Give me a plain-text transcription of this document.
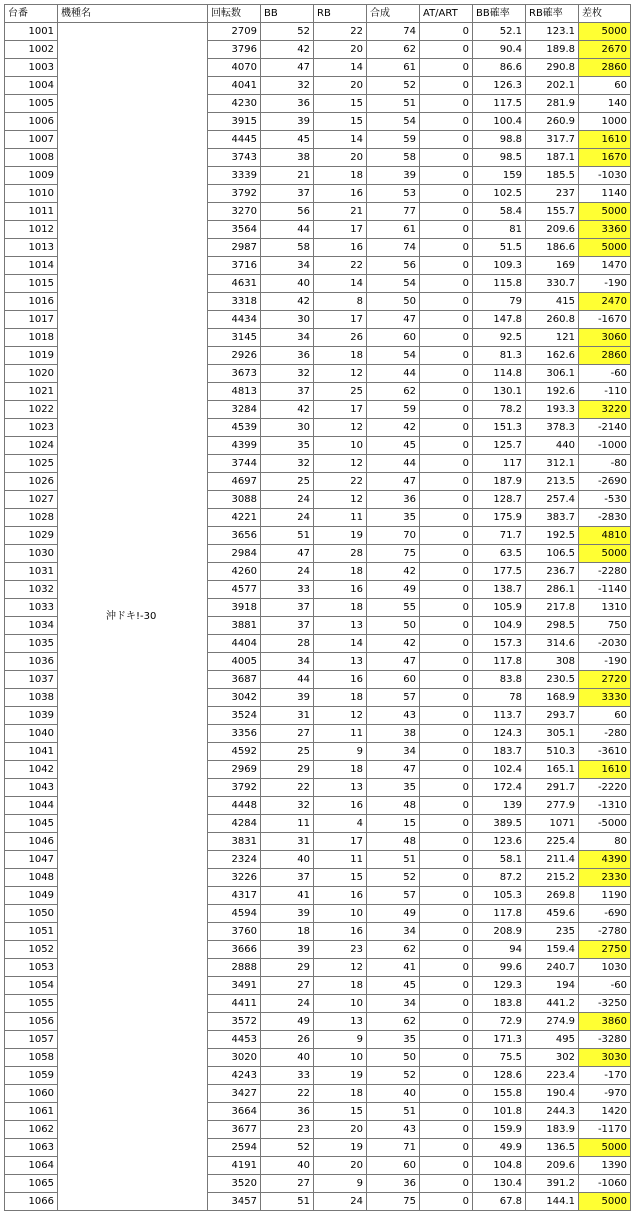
台番	機種名	回転数	BB	RB	合成	AT/ART	BB確率	RB確率	差枚
1001	沖ドキ!-30	2709	52	22	74	0	52.1	123.1	5000
1002		3796	42	20	62	0	90.4	189.8	2670
1003		4070	47	14	61	0	86.6	290.8	2860
1004		4041	32	20	52	0	126.3	202.1	60
1005		4230	36	15	51	0	117.5	281.9	140
1006		3915	39	15	54	0	100.4	260.9	1000
1007		4445	45	14	59	0	98.8	317.7	1610
1008		3743	38	20	58	0	98.5	187.1	1670
1009		3339	21	18	39	0	159	185.5	-1030
1010		3792	37	16	53	0	102.5	237	1140
1011		3270	56	21	77	0	58.4	155.7	5000
1012		3564	44	17	61	0	81	209.6	3360
1013		2987	58	16	74	0	51.5	186.6	5000
1014		3716	34	22	56	0	109.3	169	1470
1015		4631	40	14	54	0	115.8	330.7	-190
1016		3318	42	8	50	0	79	415	2470
1017		4434	30	17	47	0	147.8	260.8	-1670
1018		3145	34	26	60	0	92.5	121	3060
1019		2926	36	18	54	0	81.3	162.6	2860
1020		3673	32	12	44	0	114.8	306.1	-60
1021		4813	37	25	62	0	130.1	192.6	-110
1022		3284	42	17	59	0	78.2	193.3	3220
1023		4539	30	12	42	0	151.3	378.3	-2140
1024		4399	35	10	45	0	125.7	440	-1000
1025		3744	32	12	44	0	117	312.1	-80
1026		4697	25	22	47	0	187.9	213.5	-2690
1027		3088	24	12	36	0	128.7	257.4	-530
1028		4221	24	11	35	0	175.9	383.7	-2830
1029		3656	51	19	70	0	71.7	192.5	4810
1030		2984	47	28	75	0	63.5	106.5	5000
1031		4260	24	18	42	0	177.5	236.7	-2280
1032		4577	33	16	49	0	138.7	286.1	-1140
1033		3918	37	18	55	0	105.9	217.8	1310
1034		3881	37	13	50	0	104.9	298.5	750
1035		4404	28	14	42	0	157.3	314.6	-2030
1036		4005	34	13	47	0	117.8	308	-190
1037		3687	44	16	60	0	83.8	230.5	2720
1038		3042	39	18	57	0	78	168.9	3330
1039		3524	31	12	43	0	113.7	293.7	60
1040		3356	27	11	38	0	124.3	305.1	-280
1041		4592	25	9	34	0	183.7	510.3	-3610
1042		2969	29	18	47	0	102.4	165.1	1610
1043		3792	22	13	35	0	172.4	291.7	-2220
1044		4448	32	16	48	0	139	277.9	-1310
1045		4284	11	4	15	0	389.5	1071	-5000
1046		3831	31	17	48	0	123.6	225.4	80
1047		2324	40	11	51	0	58.1	211.4	4390
1048		3226	37	15	52	0	87.2	215.2	2330
1049		4317	41	16	57	0	105.3	269.8	1190
1050		4594	39	10	49	0	117.8	459.6	-690
1051		3760	18	16	34	0	208.9	235	-2780
1052		3666	39	23	62	0	94	159.4	2750
1053		2888	29	12	41	0	99.6	240.7	1030
1054		3491	27	18	45	0	129.3	194	-60
1055		4411	24	10	34	0	183.8	441.2	-3250
1056		3572	49	13	62	0	72.9	274.9	3860
1057		4453	26	9	35	0	171.3	495	-3280
1058		3020	40	10	50	0	75.5	302	3030
1059		4243	33	19	52	0	128.6	223.4	-170
1060		3427	22	18	40	0	155.8	190.4	-970
1061		3664	36	15	51	0	101.8	244.3	1420
1062		3677	23	20	43	0	159.9	183.9	-1170
1063		2594	52	19	71	0	49.9	136.5	5000
1064		4191	40	20	60	0	104.8	209.6	1390
1065		3520	27	9	36	0	130.4	391.2	-1060
1066		3457	51	24	75	0	67.8	144.1	5000
